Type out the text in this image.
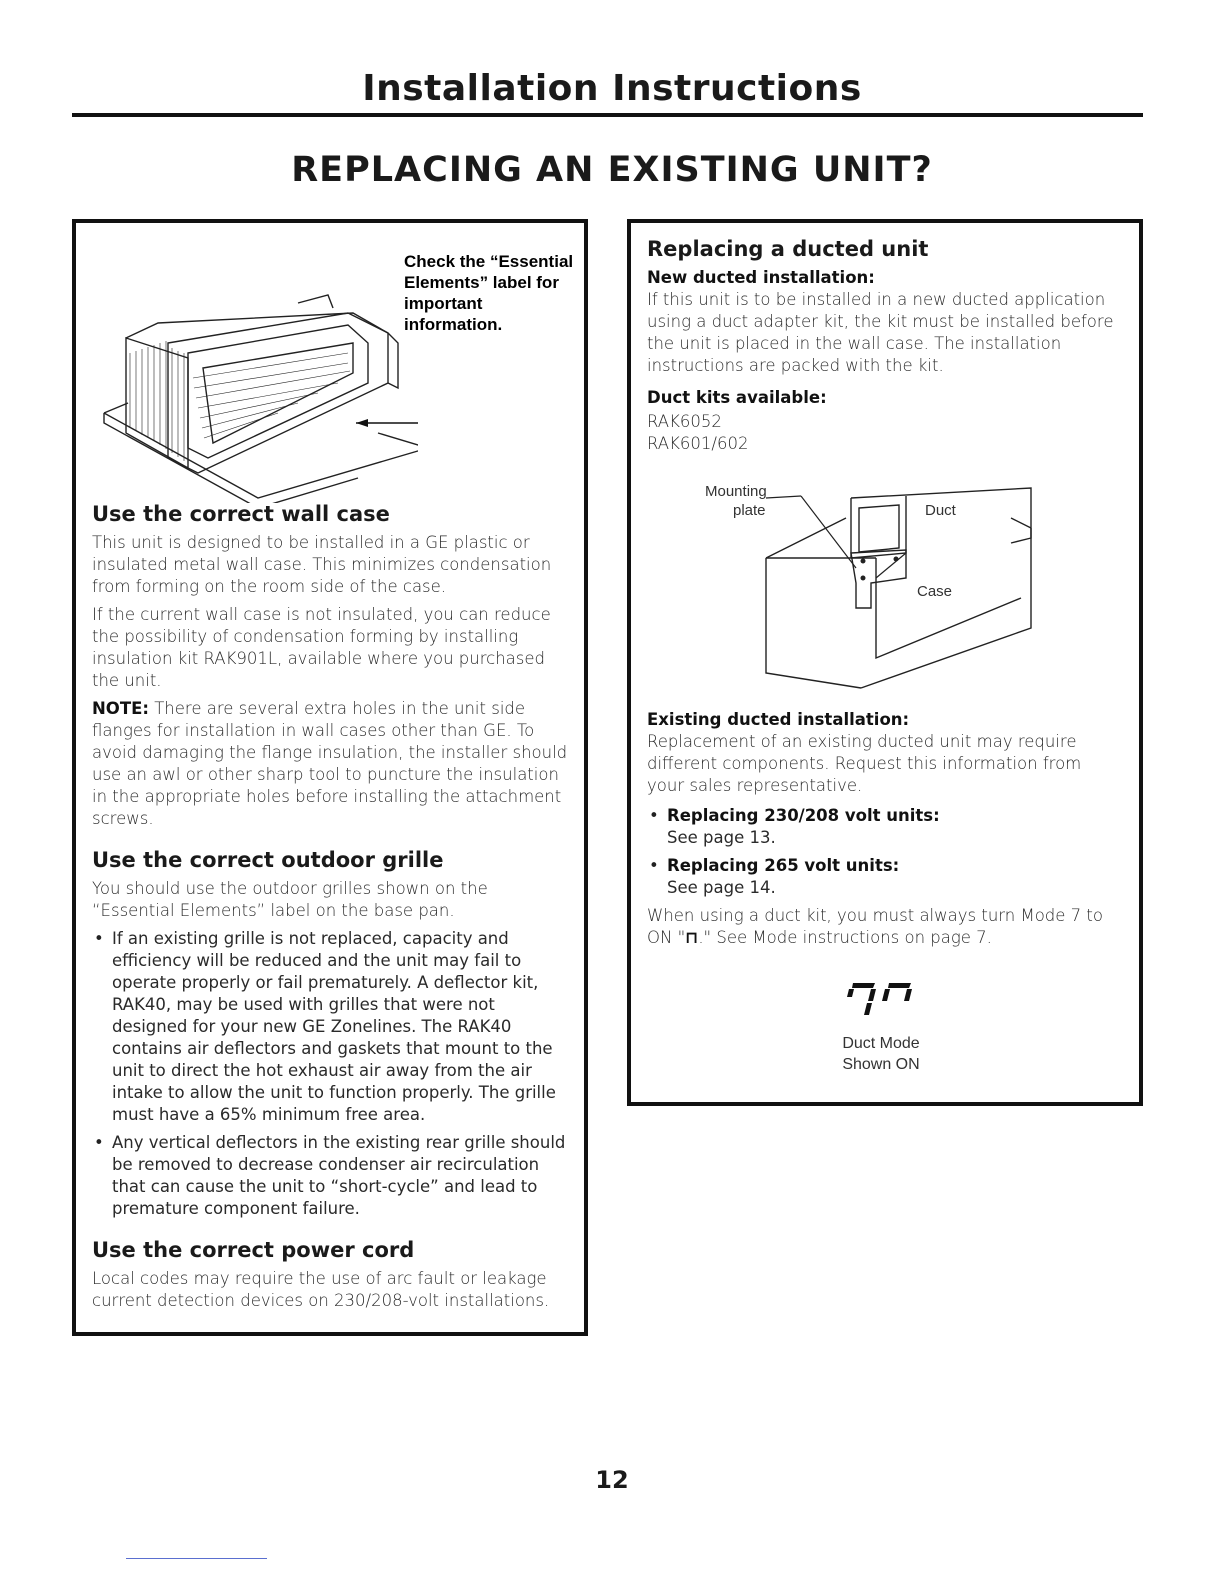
Installation Instructions
REPLACING AN EXISTING UNIT?
Check the “Essential
Elements” label for
important information.
Use the correct wall case

This unit is designed to be installed in a GE plastic or insulated metal wall case. This minimizes condensation from forming on the room side of the case.

If the current wall case is not insulated, you can reduce the possibility of condensation forming by installing insulation kit RAK901L, available where you purchased the unit.

NOTE: There are several extra holes in the unit side flanges for installation in wall cases other than GE. To avoid damaging the flange insulation, the installer should use an awl or other sharp tool to puncture the insulation in the appropriate holes before installing the attachment screws.

Use the correct outdoor grille

You should use the outdoor grilles shown on the “Essential Elements” label on the base pan.

• If an existing grille is not replaced, capacity and efficiency will be reduced and the unit may fail to operate properly or fail prematurely. A deflector kit, RAK40, may be used with grilles that were not designed for your new GE Zonelines. The RAK40 contains air deflectors and gaskets that mount to the unit to direct the hot exhaust air away from the air intake to allow the unit to function properly. The grille must have a 65% minimum free area.
• Any vertical deflectors in the existing rear grille should be removed to decrease condenser air recirculation that can cause the unit to “short-cycle” and lead to premature component failure.
Use the correct power cord

Local codes may require the use of arc fault or leakage current detection devices on 230/208-volt installations.

Replacing a ducted unit

New ducted installation:

If this unit is to be installed in a new ducted application using a duct adapter kit, the kit must be installed before the unit is placed in the wall case. The installation instructions are packed with the kit.

Duct kits available:

RAK6052

RAK601/602

Mounting
plate	Duct
Case

Existing ducted installation:

Replacement of an existing ducted unit may require different components. Request this information from your sales representative.

• Replacing 230/208 volt units:
See page 13.
• Replacing 265 volt units:
See page 14.

When using a duct kit, you must always turn Mode 7 to

ON "⊓." See Mode instructions on page 7.

Duct Mode
Shown ON
12
